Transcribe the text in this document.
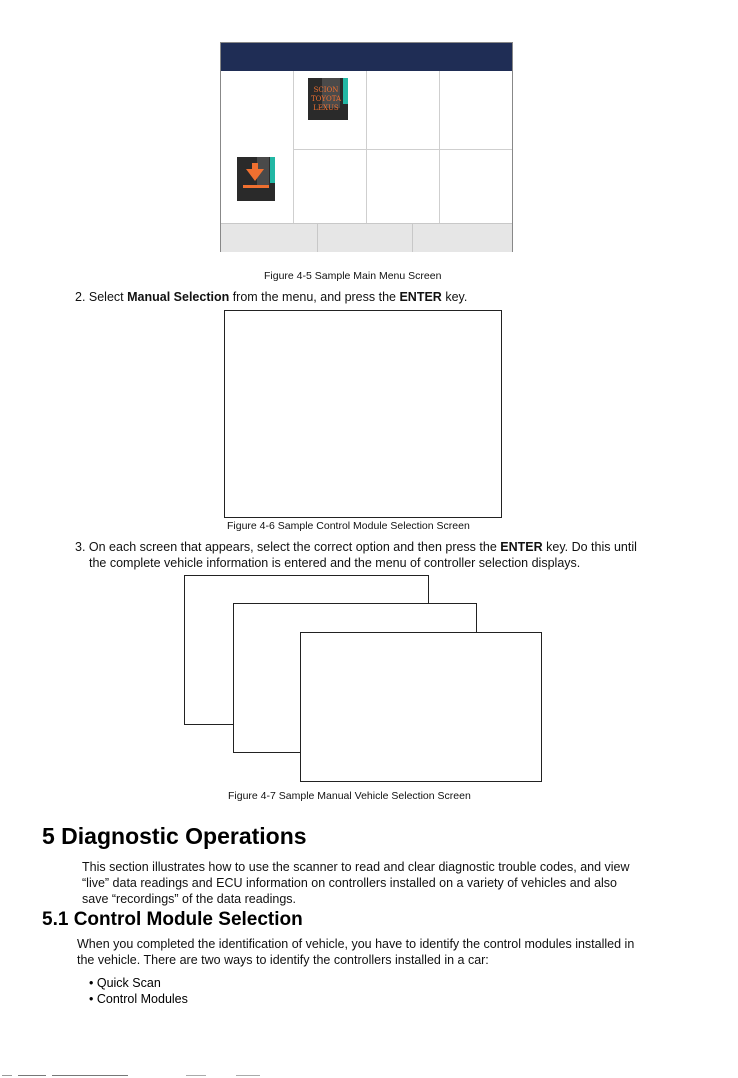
SCION
TOYOTA
LEXUS
Figure 4-5 Sample Main Menu Screen
2. Select Manual Selection from the menu, and press the ENTER key.
Figure 4-6 Sample Control Module Selection Screen
3. On each screen that appears, select the correct option and then press the ENTER key. Do this until
the complete vehicle information is entered and the menu of controller selection displays.
Figure 4-7 Sample Manual Vehicle Selection Screen
5 Diagnostic Operations
This section illustrates how to use the scanner to read and clear diagnostic trouble codes, and view
“live” data readings and ECU information on controllers installed on a variety of vehicles and also
save “recordings” of the data readings.
5.1 Control Module Selection
When you completed the identification of vehicle, you have to identify the control modules installed in
the vehicle. There are two ways to identify the controllers installed in a car:
• Quick Scan
• Control Modules
